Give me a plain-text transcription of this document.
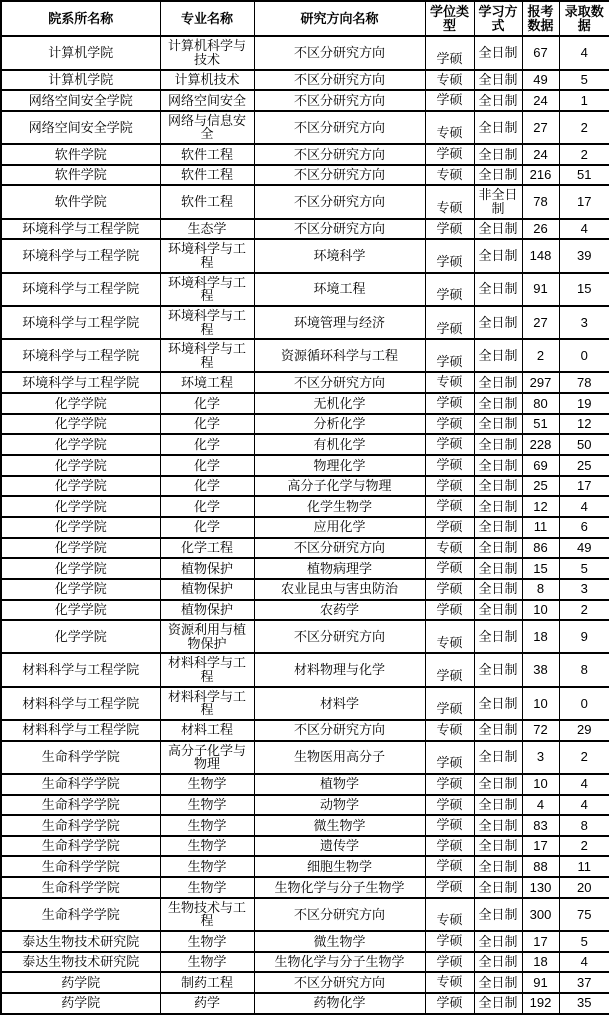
院系所名称	专业名称	研究方向名称	学位类型	学习方式	报考数据	录取数据
计算机学院	计算机科学与技术	不区分研究方向	学硕	全日制	67	4
计算机学院	计算机技术	不区分研究方向	专硕	全日制	49	5
网络空间安全学院	网络空间安全	不区分研究方向	学硕	全日制	24	1
网络空间安全学院	网络与信息安全	不区分研究方向	专硕	全日制	27	2
软件学院	软件工程	不区分研究方向	学硕	全日制	24	2
软件学院	软件工程	不区分研究方向	专硕	全日制	216	51
软件学院	软件工程	不区分研究方向	专硕	非全日制	78	17
环境科学与工程学院	生态学	不区分研究方向	学硕	全日制	26	4
环境科学与工程学院	环境科学与工程	环境科学	学硕	全日制	148	39
环境科学与工程学院	环境科学与工程	环境工程	学硕	全日制	91	15
环境科学与工程学院	环境科学与工程	环境管理与经济	学硕	全日制	27	3
环境科学与工程学院	环境科学与工程	资源循环科学与工程	学硕	全日制	2	0
环境科学与工程学院	环境工程	不区分研究方向	专硕	全日制	297	78
化学学院	化学	无机化学	学硕	全日制	80	19
化学学院	化学	分析化学	学硕	全日制	51	12
化学学院	化学	有机化学	学硕	全日制	228	50
化学学院	化学	物理化学	学硕	全日制	69	25
化学学院	化学	高分子化学与物理	学硕	全日制	25	17
化学学院	化学	化学生物学	学硕	全日制	12	4
化学学院	化学	应用化学	学硕	全日制	11	6
化学学院	化学工程	不区分研究方向	专硕	全日制	86	49
化学学院	植物保护	植物病理学	学硕	全日制	15	5
化学学院	植物保护	农业昆虫与害虫防治	学硕	全日制	8	3
化学学院	植物保护	农药学	学硕	全日制	10	2
化学学院	资源利用与植物保护	不区分研究方向	专硕	全日制	18	9
材料科学与工程学院	材料科学与工程	材料物理与化学	学硕	全日制	38	8
材料科学与工程学院	材料科学与工程	材料学	学硕	全日制	10	0
材料科学与工程学院	材料工程	不区分研究方向	专硕	全日制	72	29
生命科学学院	高分子化学与物理	生物医用高分子	学硕	全日制	3	2
生命科学学院	生物学	植物学	学硕	全日制	10	4
生命科学学院	生物学	动物学	学硕	全日制	4	4
生命科学学院	生物学	微生物学	学硕	全日制	83	8
生命科学学院	生物学	遗传学	学硕	全日制	17	2
生命科学学院	生物学	细胞生物学	学硕	全日制	88	11
生命科学学院	生物学	生物化学与分子生物学	学硕	全日制	130	20
生命科学学院	生物技术与工程	不区分研究方向	专硕	全日制	300	75
泰达生物技术研究院	生物学	微生物学	学硕	全日制	17	5
泰达生物技术研究院	生物学	生物化学与分子生物学	学硕	全日制	18	4
药学院	制药工程	不区分研究方向	专硕	全日制	91	37
药学院	药学	药物化学	学硕	全日制	192	35
